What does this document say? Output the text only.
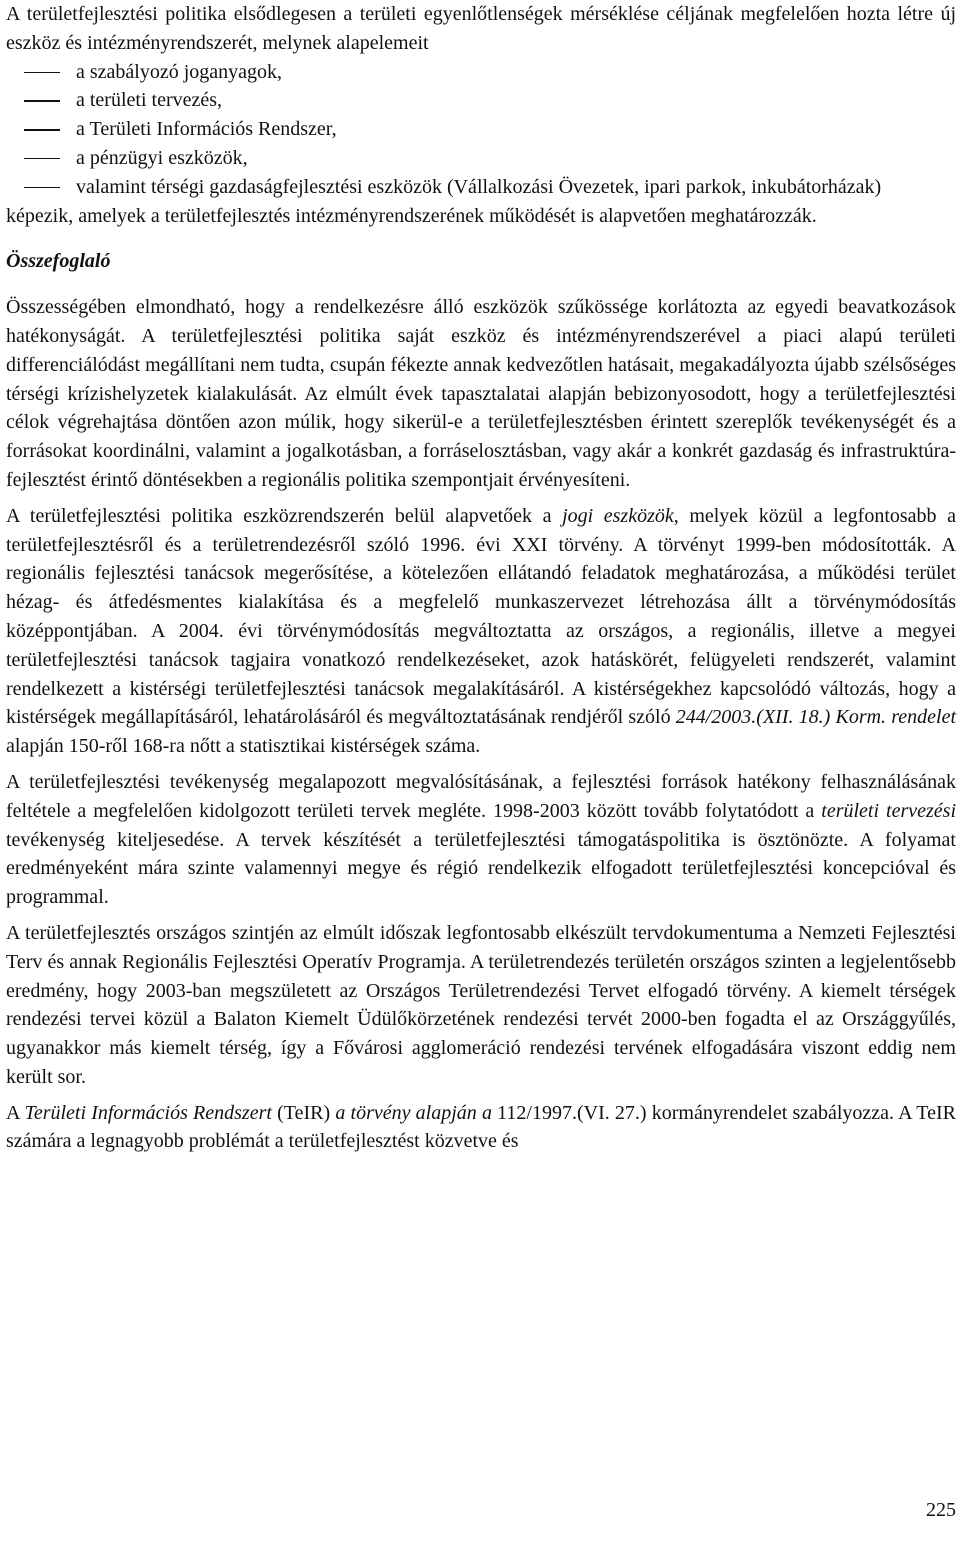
A területfejlesztési politika elsődlegesen a területi egyenlőtlenségek mérséklése céljának megfelelően hozta létre új eszköz és intézményrendszerét, melynek alapelemeit

a szabályozó joganyagok,
a területi tervezés,
a Területi Információs Rendszer,
a pénzügyi eszközök,
valamint térségi gazdaságfejlesztési eszközök (Vállalkozási Övezetek, ipari parkok, inkubátorházak)

képezik, amelyek a területfejlesztés intézményrendszerének működését is alapvetően meghatározzák.

Összefoglaló

Összességében elmondható, hogy a rendelkezésre álló eszközök szűkössége korlátozta az egyedi beavatkozások hatékonyságát. A területfejlesztési politika saját eszköz és intézményrendszerével a piaci alapú területi differenciálódást megállítani nem tudta, csupán fékezte annak kedvezőtlen hatásait, megakadályozta újabb szélsőséges térségi krízishelyzetek kialakulását. Az elmúlt évek tapasztalatai alapján bebizonyosodott, hogy a területfejlesztési célok végrehajtása döntően azon múlik, hogy sikerül-e a területfejlesztésben érintett szereplők tevékenységét és a forrásokat koordinálni, valamint a jogalkotásban, a forráselosztásban, vagy akár a konkrét gazdaság és infrastruktúra-fejlesztést érintő döntésekben a regionális politika szempontjait érvényesíteni.

A területfejlesztési politika eszközrendszerén belül alapvetőek a jogi eszközök, melyek közül a legfontosabb a területfejlesztésről és a területrendezésről szóló 1996. évi XXI törvény. A törvényt 1999-ben módosították. A regionális fejlesztési tanácsok megerősítése, a kötelezően ellátandó feladatok meghatározása, a működési terület hézag- és átfedésmentes kialakítása és a megfelelő munkaszervezet létrehozása állt a törvénymódosítás középpontjában. A 2004. évi törvénymódosítás megváltoztatta az országos, a regionális, illetve a megyei területfejlesztési tanácsok tagjaira vonatkozó rendelkezéseket, azok hatáskörét, felügyeleti rendszerét, valamint rendelkezett a kistérségi területfejlesztési tanácsok megalakításáról. A kistérségekhez kapcsolódó változás, hogy a kistérségek megállapításáról, lehatárolásáról és megváltoztatásának rendjéről szóló 244/2003.(XII. 18.) Korm. rendelet alapján 150-ről 168-ra nőtt a statisztikai kistérségek száma.

A területfejlesztési tevékenység megalapozott megvalósításának, a fejlesztési források hatékony felhasználásának feltétele a megfelelően kidolgozott területi tervek megléte. 1998-2003 között tovább folytatódott a területi tervezési tevékenység kiteljesedése. A tervek készítését a területfejlesztési támogatáspolitika is ösztönözte. A folyamat eredményeként mára szinte valamennyi megye és régió rendelkezik elfogadott területfejlesztési koncepcióval és programmal.

A területfejlesztés országos szintjén az elmúlt időszak legfontosabb elkészült tervdokumentuma a Nemzeti Fejlesztési Terv és annak Regionális Fejlesztési Operatív Programja. A területrendezés területén országos szinten a legjelentősebb eredmény, hogy 2003-ban megszületett az Országos Területrendezési Tervet elfogadó törvény. A kiemelt térségek rendezési tervei közül a Balaton Kiemelt Üdülőkörzetének rendezési tervét 2000-ben fogadta el az Országgyűlés, ugyanakkor más kiemelt térség, így a Fővárosi agglomeráció rendezési tervének elfogadására viszont eddig nem került sor.

A Területi Információs Rendszert (TeIR) a törvény alapján a 112/1997.(VI. 27.) kormányrendelet szabályozza. A TeIR számára a legnagyobb problémát a területfejlesztést közvetve és

225
